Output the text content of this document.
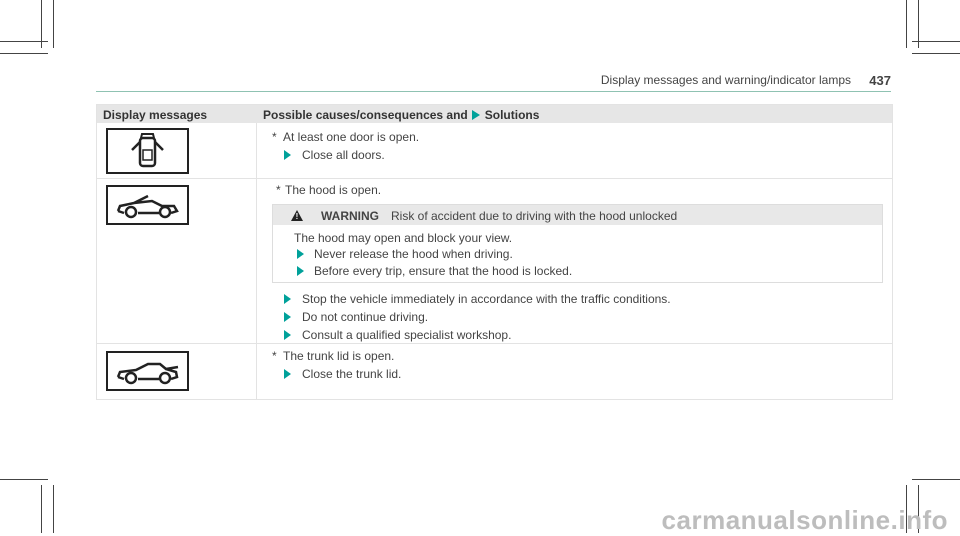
Display messages and warning/indicator lamps 437
Display messages	Possible causes/consequences and Solutions
* At least one door is open.
Close all doors.
* The hood is open.
! WARNING Risk of accident due to driving with the hood unlocked
The hood may open and block your view.
Never release the hood when driving.
Before every trip, ensure that the hood is locked.
Stop the vehicle immediately in accordance with the traffic conditions.
Do not continue driving.
Consult a qualified specialist workshop.
* The trunk lid is open.
Close the trunk lid.
carmanualsonline.info
